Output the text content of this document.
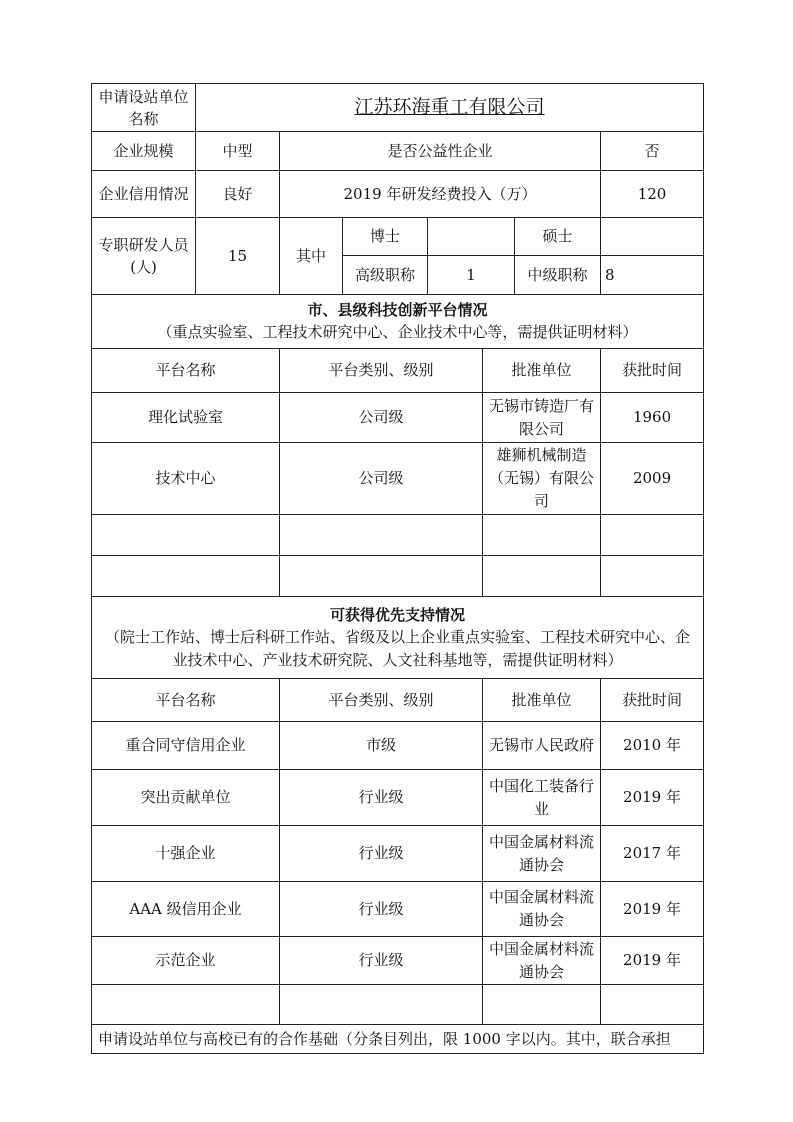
申请设站单位名称	江苏环海重工有限公司						
企业规模	中型	是否公益性企业					否
企业信用情况	良好	2019 年研发经费投入（万）					120
专职研发人员(人)	15	其中	博士			硕士	
			高级职称	1		中级职称	8

市、县级科技创新平台情况
（重点实验室、工程技术研究中心、企业技术中心等，需提供证明材料）							

平台名称		平台类别、级别			批准单位		获批时间
理化试验室		公司级			无锡市铸造厂有限公司		1960
技术中心		公司级			雄狮机械制造（无锡）有限公司		2009

可获得优先支持情况
（院士工作站、博士后科研工作站、省级及以上企业重点实验室、工程技术研究中心、企业技术中心、产业技术研究院、人文社科基地等，需提供证明材料）							

平台名称		平台类别、级别			批准单位		获批时间
重合同守信用企业		市级			无锡市人民政府		2010 年
突出贡献单位		行业级			中国化工装备行业		2019 年
十强企业		行业级			中国金属材料流通协会		2017 年
AAA 级信用企业		行业级			中国金属材料流通协会		2019 年
示范企业		行业级			中国金属材料流通协会		2019 年

申请设站单位与高校已有的合作基础（分条目列出，限 1000 字以内。其中，联合承担							
